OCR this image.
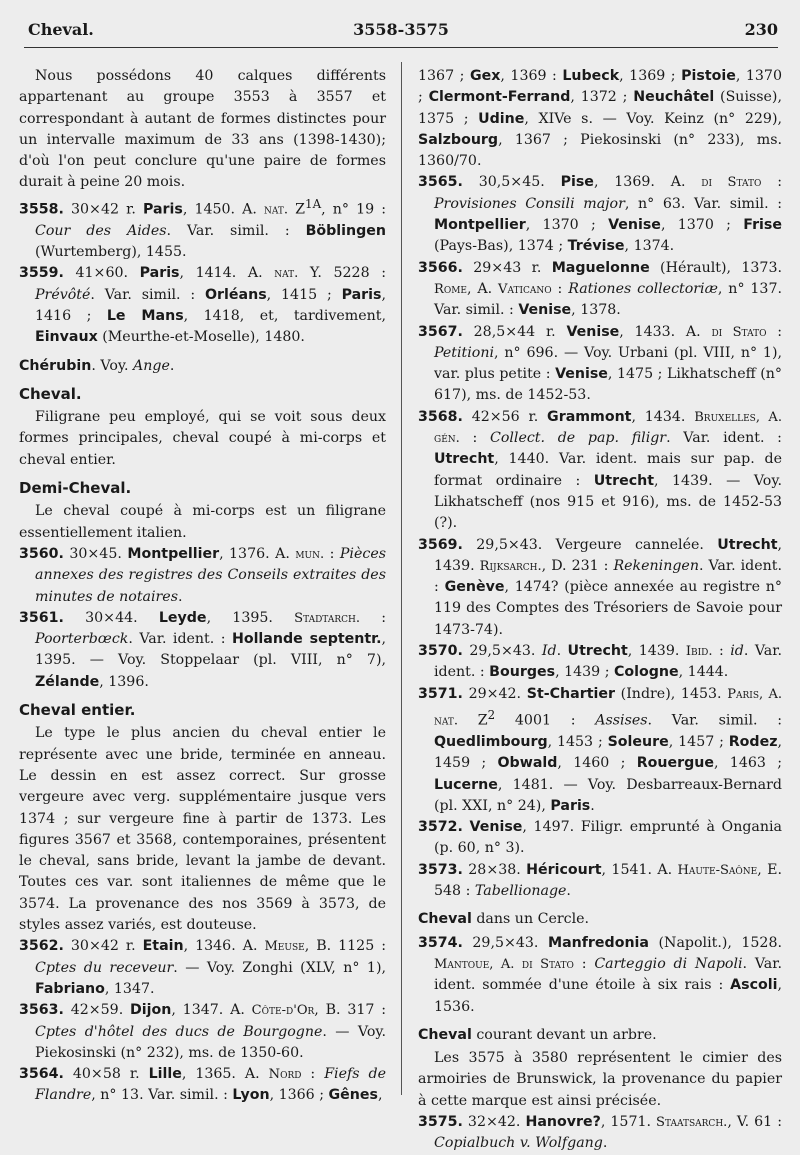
Cheval.	3558-3575	230

Nous possédons 40 calques différents appartenant au groupe 3553 à 3557 et correspondant à autant de formes distinctes pour un intervalle maximum de 33 ans (1398-1430); d'où l'on peut conclure qu'une paire de formes durait à peine 20 mois.

3558. 30×42 r. Paris, 1450. A. nat. $Z^{1A}$, n° 19 : Cour des Aides. Var. simil. : Böblingen (Wurtemberg), 1455.

3559. 41×60. Paris, 1414. A. nat. Y. 5228 : Prévôté. Var. simil. : Orléans, 1415 ; Paris, 1416 ; Le Mans, 1418, et, tardivement, Einvaux (Meurthe-et-Moselle), 1480.

Chérubin. Voy. Ange.

Cheval.

Filigrane peu employé, qui se voit sous deux formes principales, cheval coupé à mi-corps et cheval entier.

Demi-Cheval.

Le cheval coupé à mi-corps est un filigrane essentiellement italien.

3560. 30×45. Montpellier, 1376. A. mun. : Pièces annexes des registres des Conseils extraites des minutes de notaires.

3561. 30×44. Leyde, 1395. Stadtarch. : Poorterbœck. Var. ident. : Hollande septentr., 1395. — Voy. Stoppelaar (pl. VIII, n° 7), Zélande, 1396.

Cheval entier.

Le type le plus ancien du cheval entier le représente avec une bride, terminée en anneau. Le dessin en est assez correct. Sur grosse vergeure avec verg. supplémentaire jusque vers 1374 ; sur vergeure fine à partir de 1373. Les figures 3567 et 3568, contemporaines, présentent le cheval, sans bride, levant la jambe de devant. Toutes ces var. sont italiennes de même que le 3574. La provenance des nos 3569 à 3573, de styles assez variés, est douteuse.

3562. 30×42 r. Etain, 1346. A. Meuse, B. 1125 : Cptes du receveur. — Voy. Zonghi (XLV, n° 1), Fabriano, 1347.

3563. 42×59. Dijon, 1347. A. Côte-d'Or, B. 317 : Cptes d'hôtel des ducs de Bourgogne. — Voy. Piekosinski (n° 232), ms. de 1350-60.

3564. 40×58 r. Lille, 1365. A. Nord : Fiefs de Flandre, n° 13. Var. simil. : Lyon, 1366 ; Gênes,

1367 ; Gex, 1369 : Lubeck, 1369 ; Pistoie, 1370 ; Clermont-Ferrand, 1372 ; Neuchâtel (Suisse), 1375 ; Udine, XIVe s. — Voy. Keinz (n° 229), Salzbourg, 1367 ; Piekosinski (n° 233), ms. 1360/70.

3565. 30,5×45. Pise, 1369. A. di Stato : Provisiones Consili major, n° 63. Var. simil. : Montpellier, 1370 ; Venise, 1370 ; Frise (Pays-Bas), 1374 ; Trévise, 1374.

3566. 29×43 r. Maguelonne (Hérault), 1373. Rome, A. Vaticano : Rationes collectoriæ, n° 137. Var. simil. : Venise, 1378.

3567. 28,5×44 r. Venise, 1433. A. di Stato : Petitioni, n° 696. — Voy. Urbani (pl. VIII, n° 1), var. plus petite : Venise, 1475 ; Likhatscheff (n° 617), ms. de 1452-53.

3568. 42×56 r. Grammont, 1434. Bruxelles, A. gén. : Collect. de pap. filigr. Var. ident. : Utrecht, 1440. Var. ident. mais sur pap. de format ordinaire : Utrecht, 1439. — Voy. Likhatscheff (nos 915 et 916), ms. de 1452-53 (?).

3569. 29,5×43. Vergeure cannelée. Utrecht, 1439. Rijksarch., D. 231 : Rekeningen. Var. ident. : Genève, 1474? (pièce annexée au registre n° 119 des Comptes des Trésoriers de Savoie pour 1473-74).

3570. 29,5×43. Id. Utrecht, 1439. Ibid. : id. Var. ident. : Bourges, 1439 ; Cologne, 1444.

3571. 29×42. St-Chartier (Indre), 1453. Paris, A. nat. $Z^2$ 4001 : Assises. Var. simil. : Quedlimbourg, 1453 ; Soleure, 1457 ; Rodez, 1459 ; Obwald, 1460 ; Rouergue, 1463 ; Lucerne, 1481. — Voy. Desbarreaux-Bernard (pl. XXI, n° 24), Paris.

3572. Venise, 1497. Filigr. emprunté à Ongania (p. 60, n° 3).

3573. 28×38. Héricourt, 1541. A. Haute-Saône, E. 548 : Tabellionage.

Cheval dans un Cercle.

3574. 29,5×43. Manfredonia (Napolit.), 1528. Mantoue, A. di Stato : Carteggio di Napoli. Var. ident. sommée d'une étoile à six rais : Ascoli, 1536.

Cheval courant devant un arbre.

Les 3575 à 3580 représentent le cimier des armoiries de Brunswick, la provenance du papier à cette marque est ainsi précisée.

3575. 32×42. Hanovre?, 1571. Staatsarch., V. 61 : Copialbuch v. Wolfgang.
